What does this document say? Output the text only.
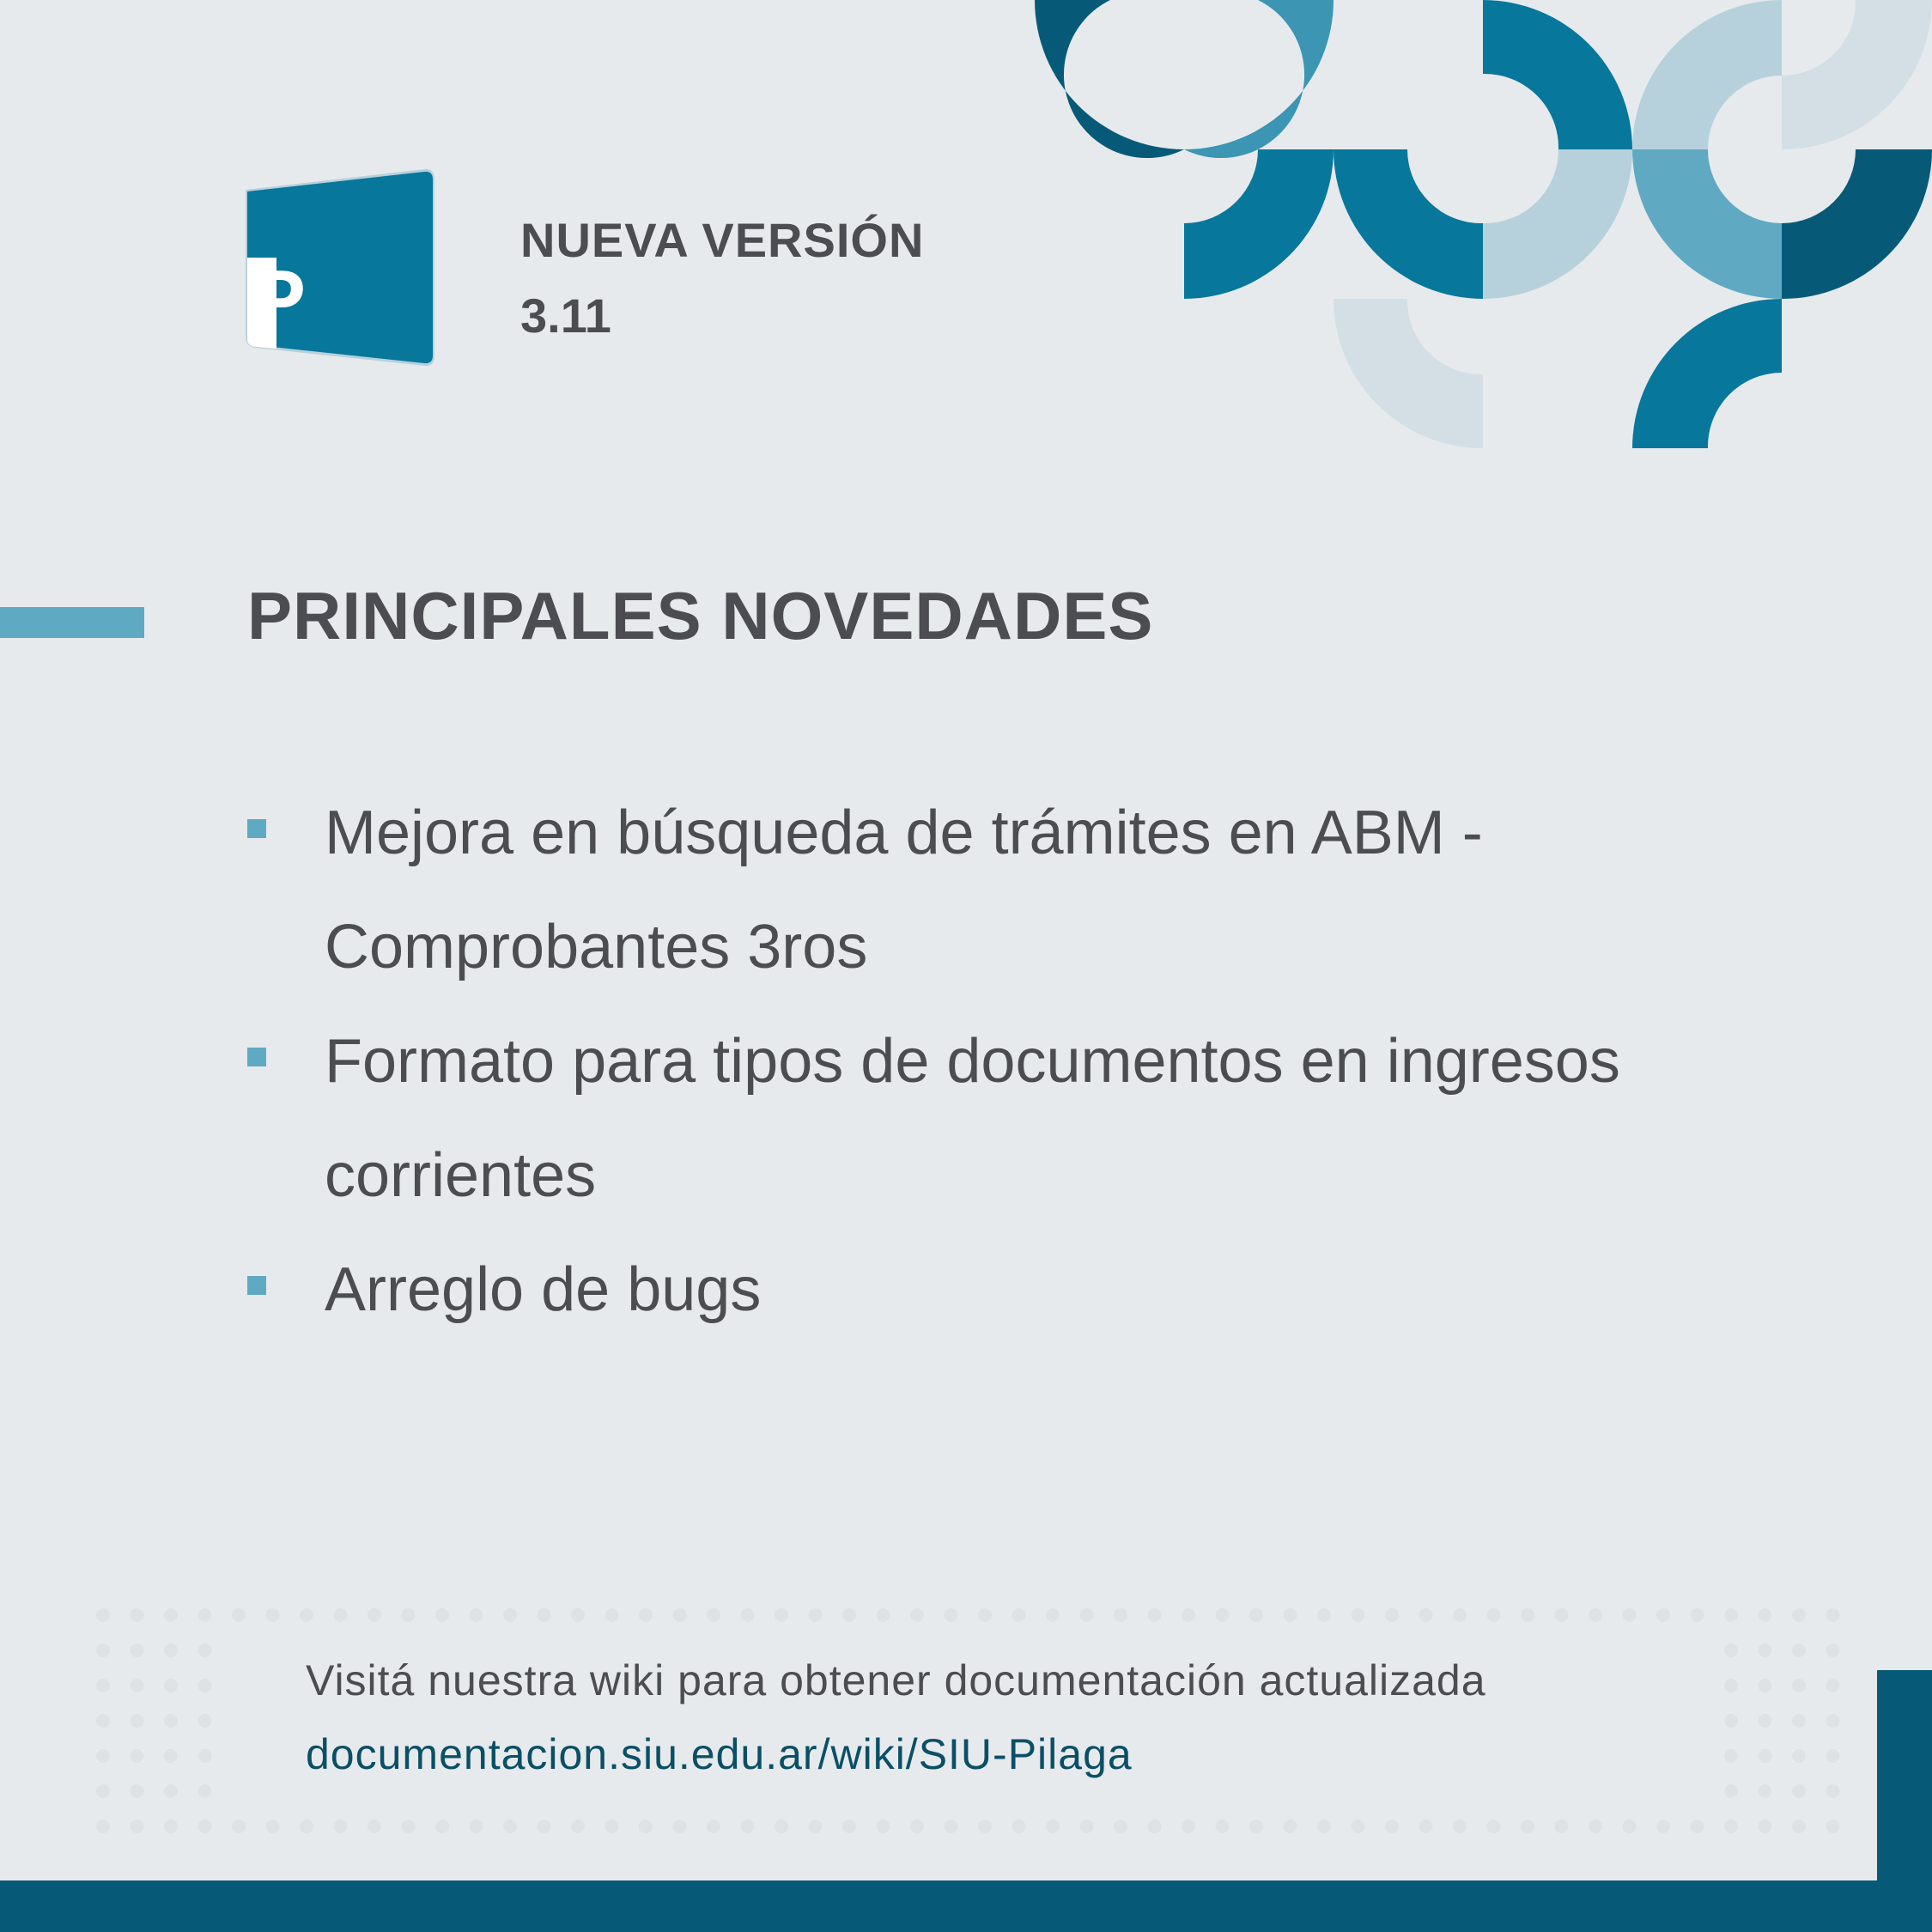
P
NUEVA VERSIÓN
3.11
PRINCIPALES NOVEDADES
Mejora en búsqueda de trámites en ABM - Comprobantes 3ros
Formato para tipos de documentos en ingresos corrientes
Arreglo de bugs
Visitá nuestra wiki para obtener documentación actualizada
documentacion.siu.edu.ar/wiki/SIU-Pilaga
